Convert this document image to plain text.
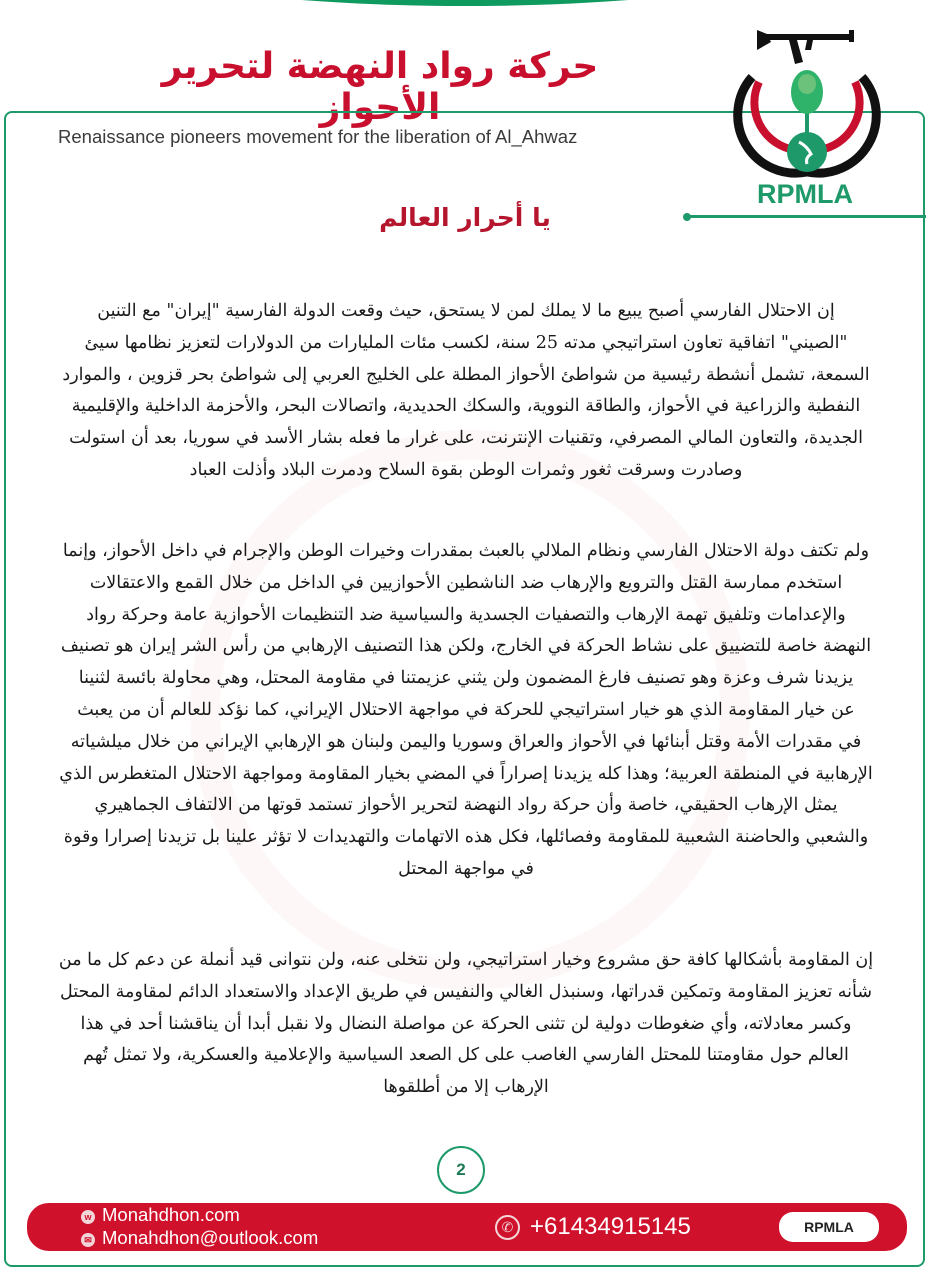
حركة رواد النهضة لتحرير الأحواز
Renaissance pioneers movement for the liberation of Al_Ahwaz
RPMLA
يا أحرار العالم
إن الاحتلال الفارسي أصبح يبيع ما لا يملك لمن لا يستحق، حيث وقعت الدولة الفارسية "إيران" مع التنين
"الصيني" اتفاقية تعاون استراتيجي مدته 25 سنة، لكسب مئات المليارات من الدولارات لتعزيز نظامها سيئ
السمعة، تشمل أنشطة رئيسية من شواطئ الأحواز المطلة على الخليج العربي إلى شواطئ بحر قزوين ، والموارد
النفطية والزراعية في الأحواز، والطاقة النووية، والسكك الحديدية، واتصالات البحر، والأحزمة الداخلية والإقليمية
الجديدة، والتعاون المالي المصرفي، وتقنيات الإنترنت، على غرار ما فعله بشار الأسد في سوريا، بعد أن استولت
وصادرت وسرقت ثغور وثمرات الوطن بقوة السلاح ودمرت البلاد وأذلت العباد
ولم تكتف دولة الاحتلال الفارسي ونظام الملالي بالعبث بمقدرات وخيرات الوطن والإجرام في داخل الأحواز، وإنما
استخدم ممارسة القتل والترويع والإرهاب ضد الناشطين الأحوازيين في الداخل من خلال القمع والاعتقالات
والإعدامات وتلفيق تهمة الإرهاب والتصفيات الجسدية والسياسية ضد التنظيمات الأحوازية عامة وحركة رواد
النهضة خاصة للتضييق على نشاط الحركة في الخارج، ولكن هذا التصنيف الإرهابي من رأس الشر إيران هو تصنيف
يزيدنا شرف وعزة وهو تصنيف فارغ المضمون ولن يثني عزيمتنا في مقاومة المحتل، وهي محاولة بائسة لثنينا
عن خيار المقاومة الذي هو خيار استراتيجي للحركة في مواجهة الاحتلال الإيراني، كما نؤكد للعالم أن من يعبث
في مقدرات الأمة وقتل أبنائها في الأحواز والعراق وسوريا واليمن ولبنان هو الإرهابي الإيراني من خلال ميلشياته
الإرهابية في المنطقة العربية؛ وهذا كله يزيدنا إصراراً في المضي بخيار المقاومة ومواجهة الاحتلال المتغطرس الذي
يمثل الإرهاب الحقيقي، خاصة وأن حركة رواد النهضة لتحرير الأحواز تستمد قوتها من الالتفاف الجماهيري
والشعبي والحاضنة الشعبية للمقاومة وفصائلها، فكل هذه الاتهامات والتهديدات لا تؤثر علينا بل تزيدنا إصرارا وقوة
في مواجهة المحتل
إن المقاومة بأشكالها كافة حق مشروع وخيار استراتيجي، ولن نتخلى عنه، ولن نتوانى قيد أنملة عن دعم كل ما من
شأنه تعزيز المقاومة وتمكين قدراتها، وسنبذل الغالي والنفيس في طريق الإعداد والاستعداد الدائم لمقاومة المحتل
وكسر معادلاته، وأي ضغوطات دولية لن تثنى الحركة عن مواصلة النضال ولا نقبل أبدا أن يناقشنا أحد في هذا
العالم حول مقاومتنا للمحتل الفارسي الغاصب على كل الصعد السياسية والإعلامية والعسكرية، ولا تمثل تُهم
الإرهاب إلا من أطلقوها
2
w Monahdhon.com
✉ Monahdhon@outlook.com	✆ +61434915145	RPMLA
